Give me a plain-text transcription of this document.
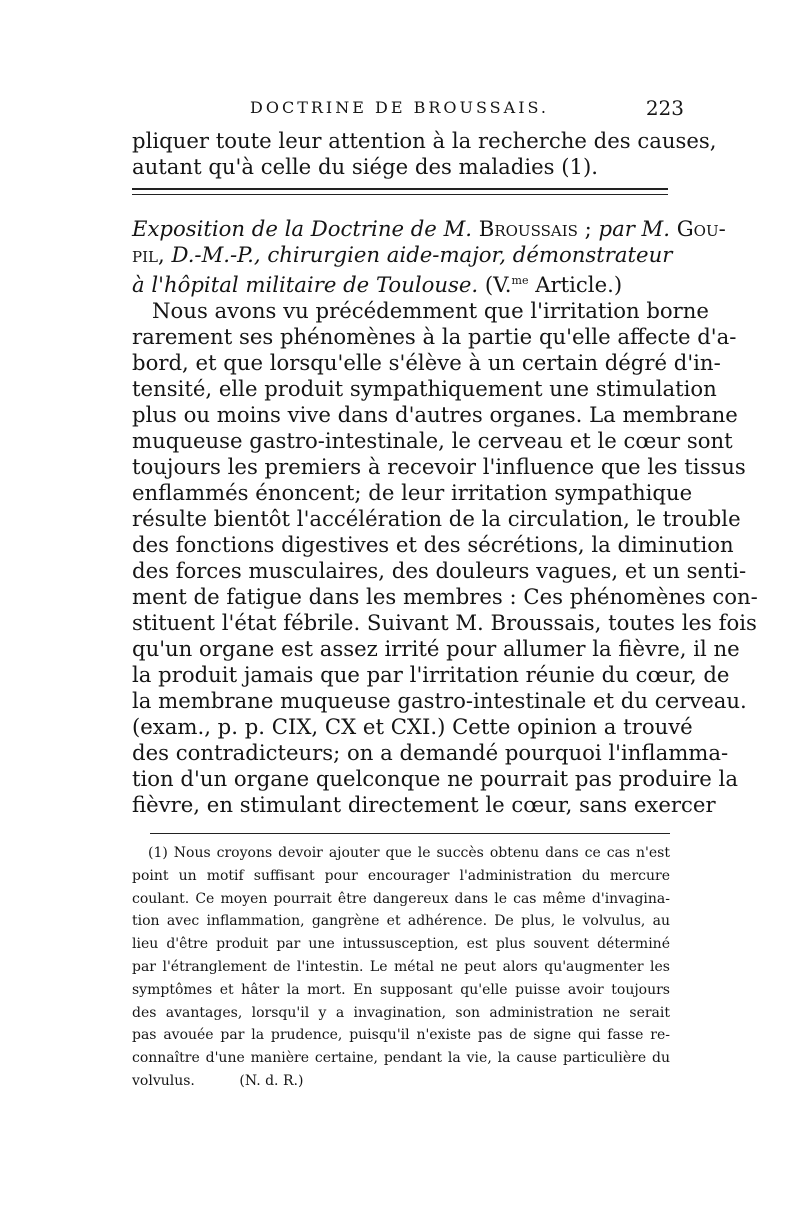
DOCTRINE DE BROUSSAIS.	223
pliquer toute leur attention à la recherche des causes,
autant qu'à celle du siége des maladies (1).
Exposition de la Doctrine de M. Broussais ; par M. Gou-
pil, D.-M.-P., chirurgien aide-major, démonstrateur
à l'hôpital militaire de Toulouse. (V.$^{me}$ Article.)
Nous avons vu précédemment que l'irritation borne
rarement ses phénomènes à la partie qu'elle affecte d'a-
bord, et que lorsqu'elle s'élève à un certain dégré d'in-
tensité, elle produit sympathiquement une stimulation
plus ou moins vive dans d'autres organes. La membrane
muqueuse gastro-intestinale, le cerveau et le cœur sont
toujours les premiers à recevoir l'influence que les tissus
enflammés énoncent; de leur irritation sympathique
résulte bientôt l'accélération de la circulation, le trouble
des fonctions digestives et des sécrétions, la diminution
des forces musculaires, des douleurs vagues, et un senti-
ment de fatigue dans les membres : Ces phénomènes con-
stituent l'état fébrile. Suivant M. Broussais, toutes les fois
qu'un organe est assez irrité pour allumer la fièvre, il ne
la produit jamais que par l'irritation réunie du cœur, de
la membrane muqueuse gastro-intestinale et du cerveau.
(exam., p. p. CIX, CX et CXI.) Cette opinion a trouvé
des contradicteurs; on a demandé pourquoi l'inflamma-
tion d'un organe quelconque ne pourrait pas produire la
fièvre, en stimulant directement le cœur, sans exercer
(1) Nous croyons devoir ajouter que le succès obtenu dans ce cas n'est
point un motif suffisant pour encourager l'administration du mercure
coulant. Ce moyen pourrait être dangereux dans le cas même d'invagina-
tion avec inflammation, gangrène et adhérence. De plus, le volvulus, au
lieu d'être produit par une intussusception, est plus souvent déterminé
par l'étranglement de l'intestin. Le métal ne peut alors qu'augmenter les
symptômes et hâter la mort. En supposant qu'elle puisse avoir toujours
des avantages, lorsqu'il y a invagination, son administration ne serait
pas avouée par la prudence, puisqu'il n'existe pas de signe qui fasse re-
connaître d'une manière certaine, pendant la vie, la cause particulière du
volvulus.          (N. d. R.)
